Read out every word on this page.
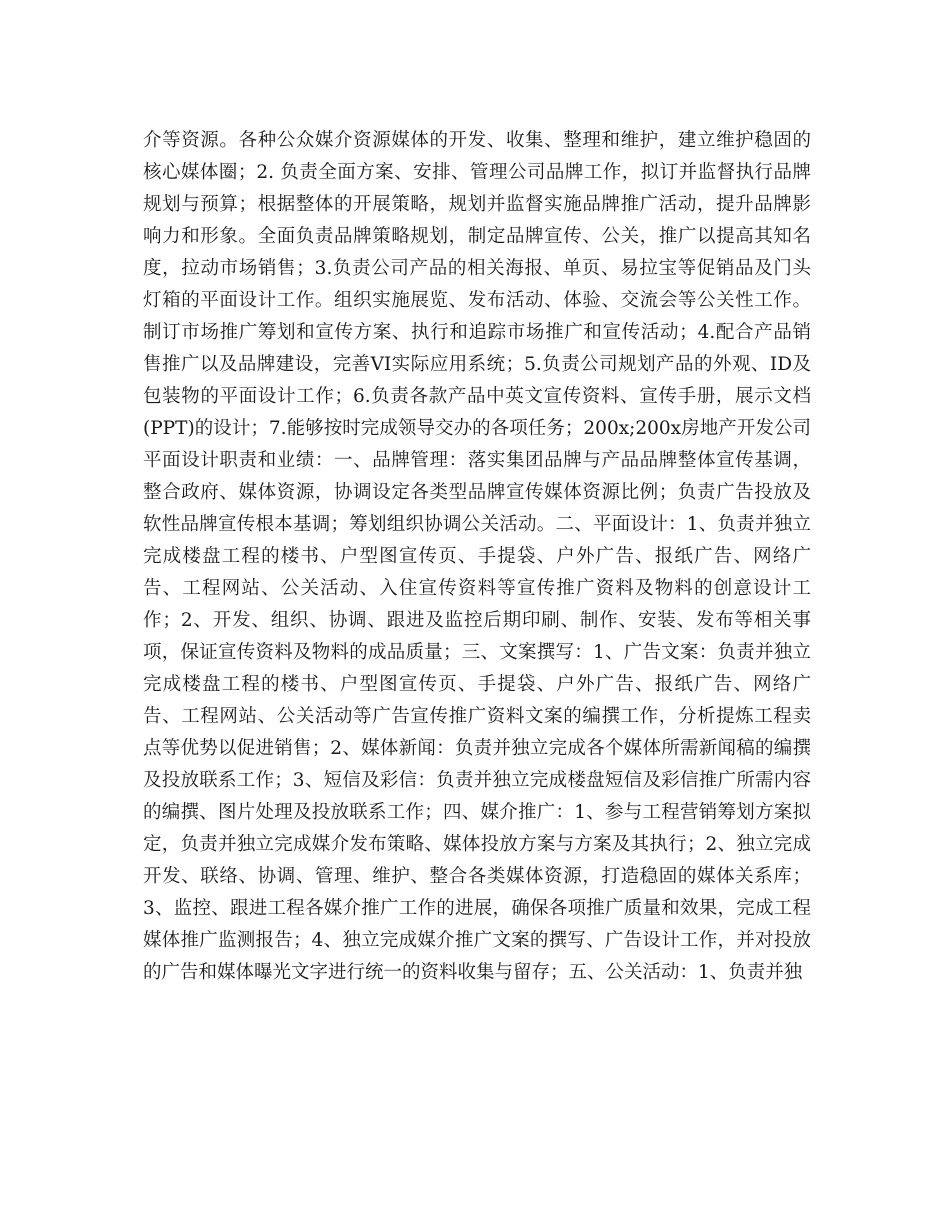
介等资源。各种公众媒介资源媒体的开发、收集、整理和维护，建立维护稳固的
核心媒体圈；2. 负责全面方案、安排、管理公司品牌工作，拟订并监督执行品牌
规划与预算；根据整体的开展策略，规划并监督实施品牌推广活动，提升品牌影
响力和形象。全面负责品牌策略规划，制定品牌宣传、公关，推广以提高其知名
度，拉动市场销售；3.负责公司产品的相关海报、单页、易拉宝等促销品及门头
灯箱的平面设计工作。组织实施展览、发布活动、体验、交流会等公关性工作。
制订市场推广筹划和宣传方案、执行和追踪市场推广和宣传活动；4.配合产品销
售推广以及品牌建设，完善VI实际应用系统；5.负责公司规划产品的外观、ID及
包装物的平面设计工作；6.负责各款产品中英文宣传资料、宣传手册，展示文档
(PPT)的设计；7.能够按时完成领导交办的各项任务；200x;200x房地产开发公司
平面设计职责和业绩：一、品牌管理：落实集团品牌与产品品牌整体宣传基调，
整合政府、媒体资源，协调设定各类型品牌宣传媒体资源比例；负责广告投放及
软性品牌宣传根本基调；筹划组织协调公关活动。二、平面设计：1、负责并独立
完成楼盘工程的楼书、户型图宣传页、手提袋、户外广告、报纸广告、网络广
告、工程网站、公关活动、入住宣传资料等宣传推广资料及物料的创意设计工
作；2、开发、组织、协调、跟进及监控后期印刷、制作、安装、发布等相关事
项，保证宣传资料及物料的成品质量；三、文案撰写：1、广告文案：负责并独立
完成楼盘工程的楼书、户型图宣传页、手提袋、户外广告、报纸广告、网络广
告、工程网站、公关活动等广告宣传推广资料文案的编撰工作，分析提炼工程卖
点等优势以促进销售；2、媒体新闻：负责并独立完成各个媒体所需新闻稿的编撰
及投放联系工作；3、短信及彩信：负责并独立完成楼盘短信及彩信推广所需内容
的编撰、图片处理及投放联系工作；四、媒介推广：1、参与工程营销筹划方案拟
定，负责并独立完成媒介发布策略、媒体投放方案与方案及其执行；2、独立完成
开发、联络、协调、管理、维护、整合各类媒体资源，打造稳固的媒体关系库；
3、监控、跟进工程各媒介推广工作的进展，确保各项推广质量和效果，完成工程
媒体推广监测报告；4、独立完成媒介推广文案的撰写、广告设计工作，并对投放
的广告和媒体曝光文字进行统一的资料收集与留存；五、公关活动：1、负责并独
